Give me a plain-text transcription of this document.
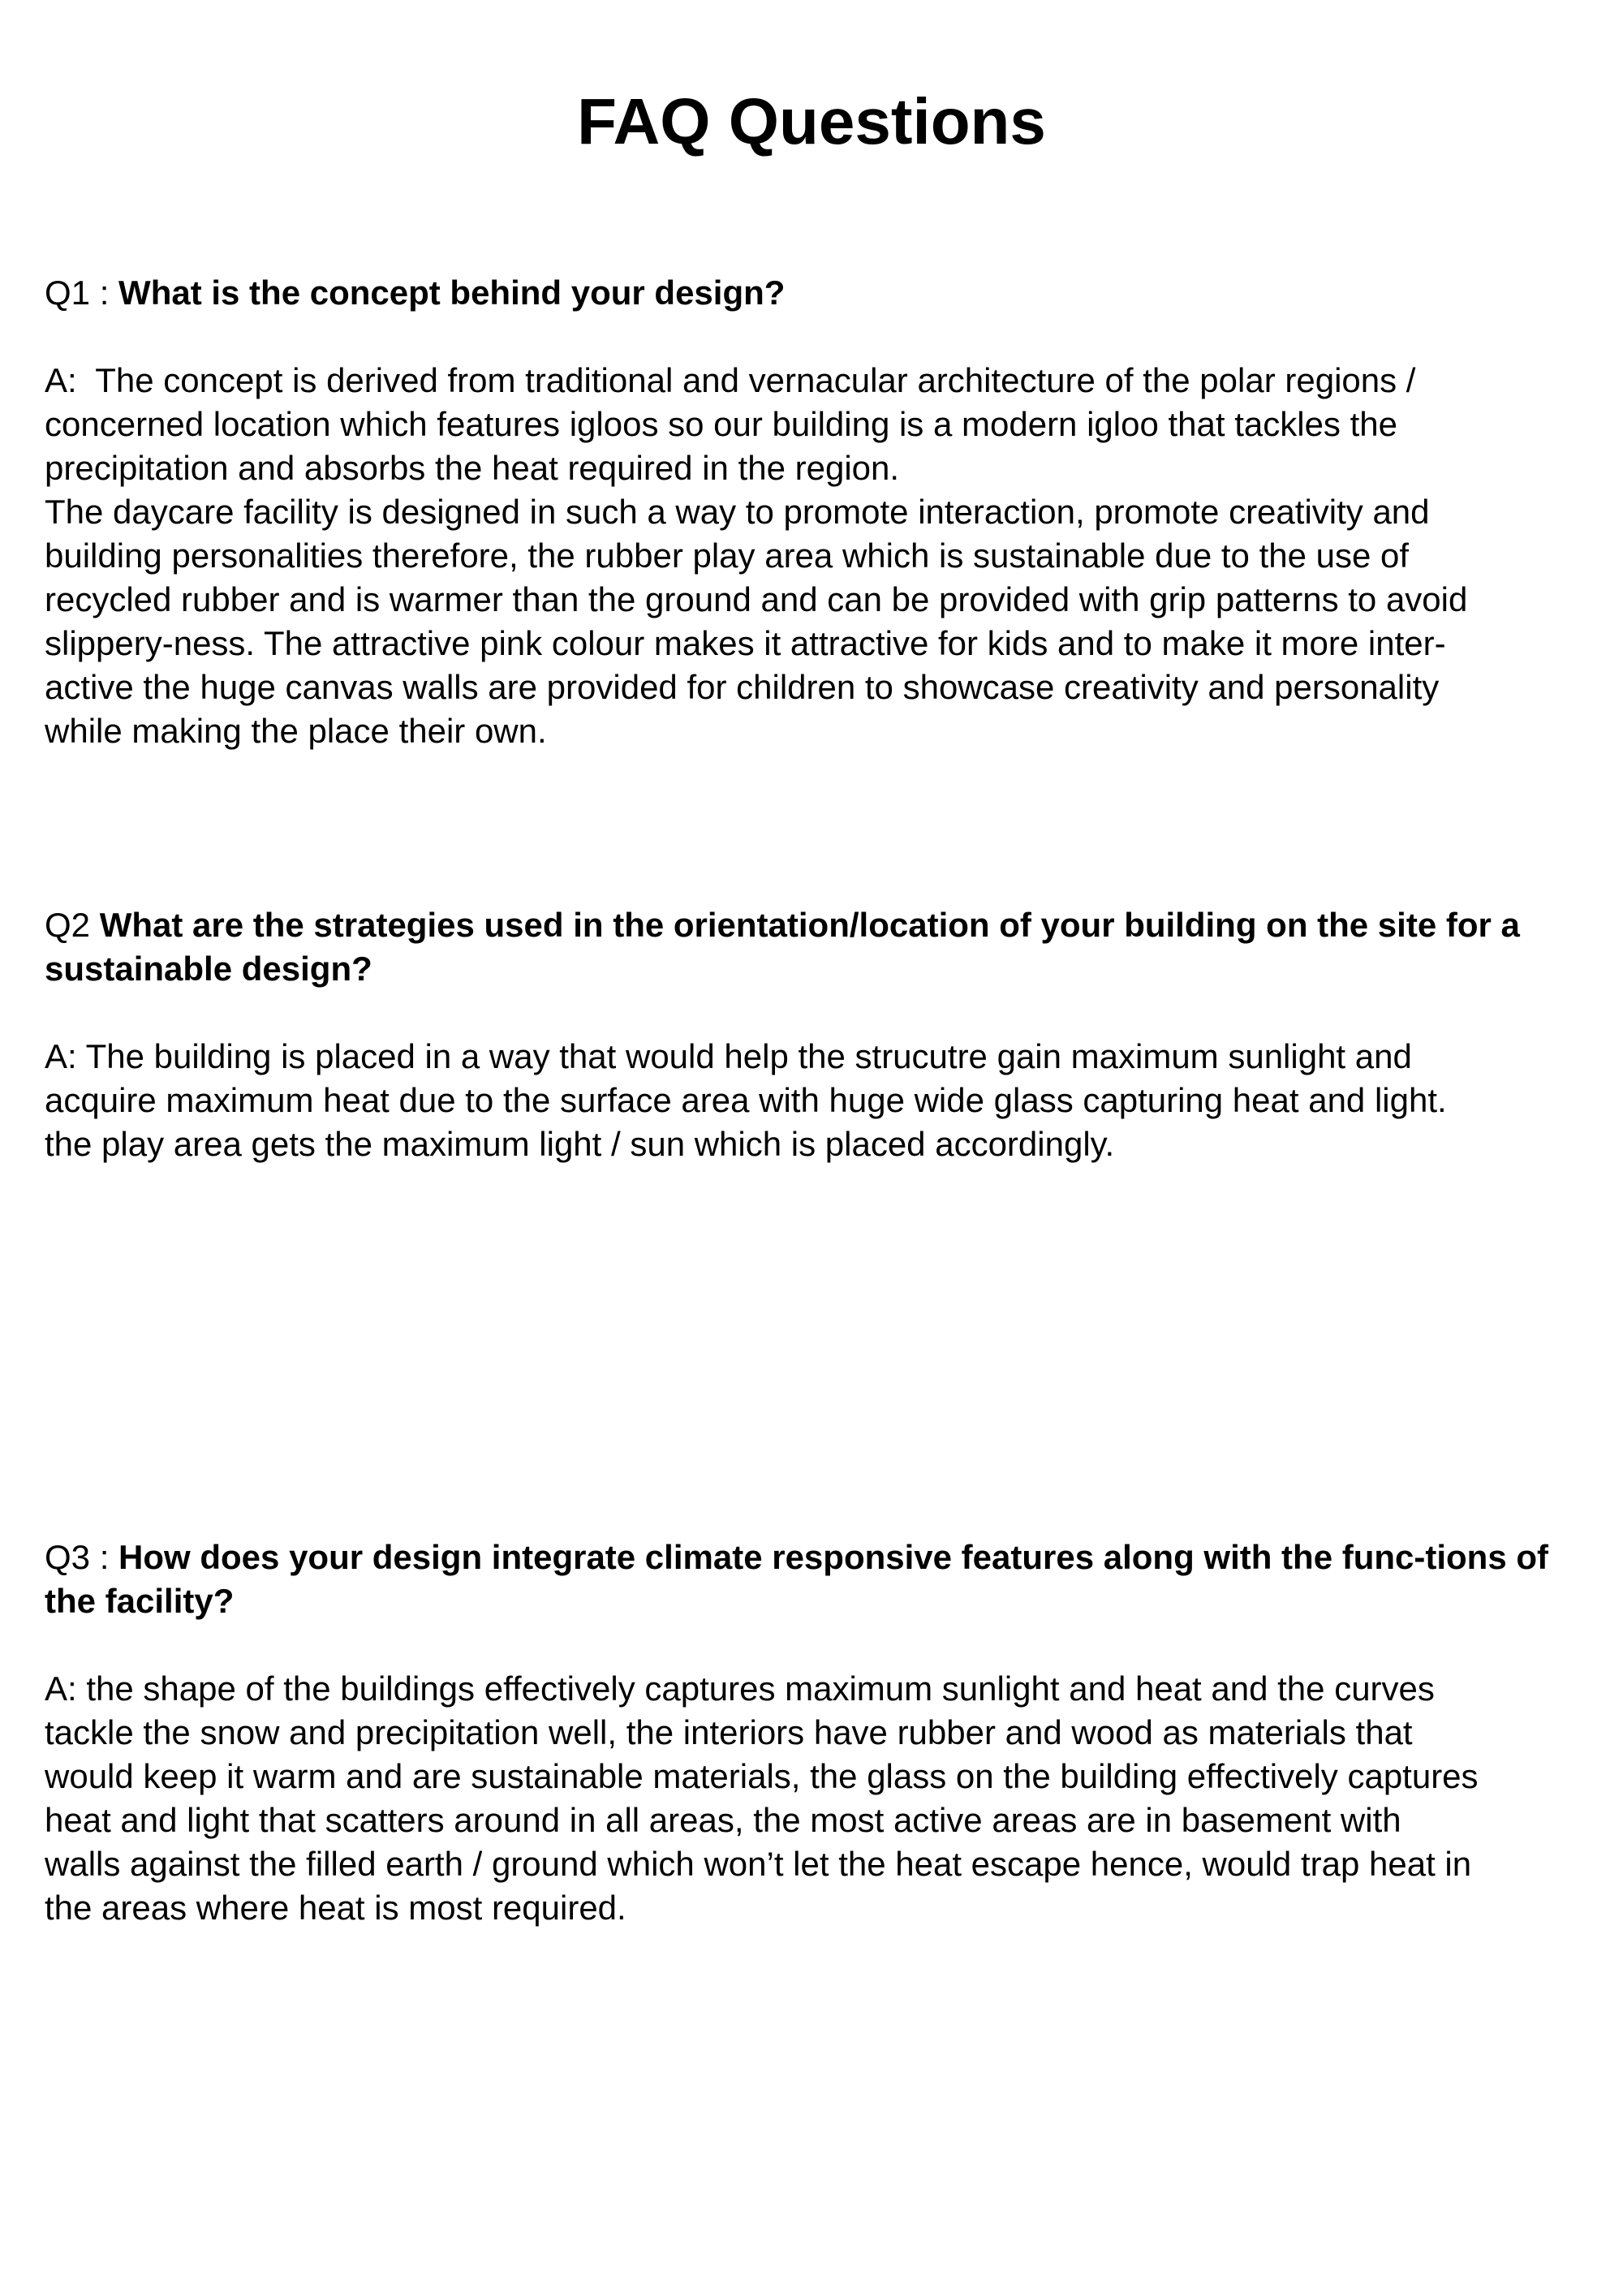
FAQ Questions

Q1 : What is the concept behind your design?

A:  The concept is derived from traditional and vernacular architecture of the polar regions /
concerned location which features igloos so our building is a modern igloo that tackles the
precipitation and absorbs the heat required in the region.
The daycare facility is designed in such a way to promote interaction, promote creativity and
building personalities therefore, the rubber play area which is sustainable due to the use of
recycled rubber and is warmer than the ground and can be provided with grip patterns to avoid
slippery-ness. The attractive pink colour makes it attractive for kids and to make it more inter-
active the huge canvas walls are provided for children to showcase creativity and personality
while making the place their own.

Q2 What are the strategies used in the orientation/location of your building on the site for a sustainable design?

A: The building is placed in a way that would help the strucutre gain maximum sunlight and
acquire maximum heat due to the surface area with huge wide glass capturing heat and light.
the play area gets the maximum light / sun which is placed accordingly.

Q3 : How does your design integrate climate responsive features along with the func-tions of the facility?

A: the shape of the buildings effectively captures maximum sunlight and heat and the curves
tackle the snow and precipitation well, the interiors have rubber and wood as materials that
would keep it warm and are sustainable materials, the glass on the building effectively captures
heat and light that scatters around in all areas, the most active areas are in basement with
walls against the filled earth / ground which won’t let the heat escape hence, would trap heat in
the areas where heat is most required.
